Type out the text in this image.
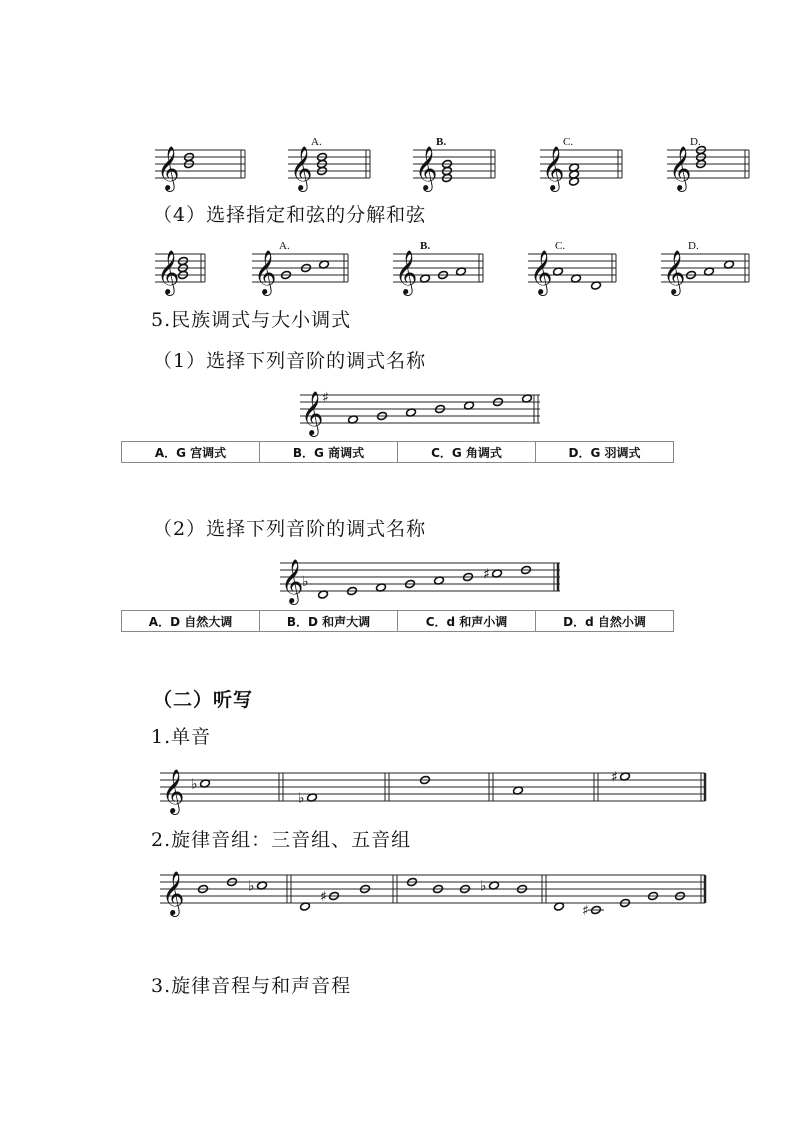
𝄞	𝄞
A.
𝄞
B.
𝄞
C.
𝄞
D.
（4）选择指定和弦的分解和弦
𝄞 𝄞
A.
𝄞
B.
𝄞
C.
𝄞
D.
5.民族调式与大小调式
（1）选择下列音阶的调式名称
𝄞
♯
A．G 宫调式	B．G 商调式	C．G 角调式	D．G 羽调式
（2）选择下列音阶的调式名称
𝄞
♭	♯
A．D 自然大调	B．D 和声大调	C．d 和声小调	D．d 自然小调
（二）听写
1.单音
𝄞 ♭
♭
♯
2.旋律音组：三音组、五音组
𝄞	♭
♯
♭
♯
3.旋律音程与和声音程
